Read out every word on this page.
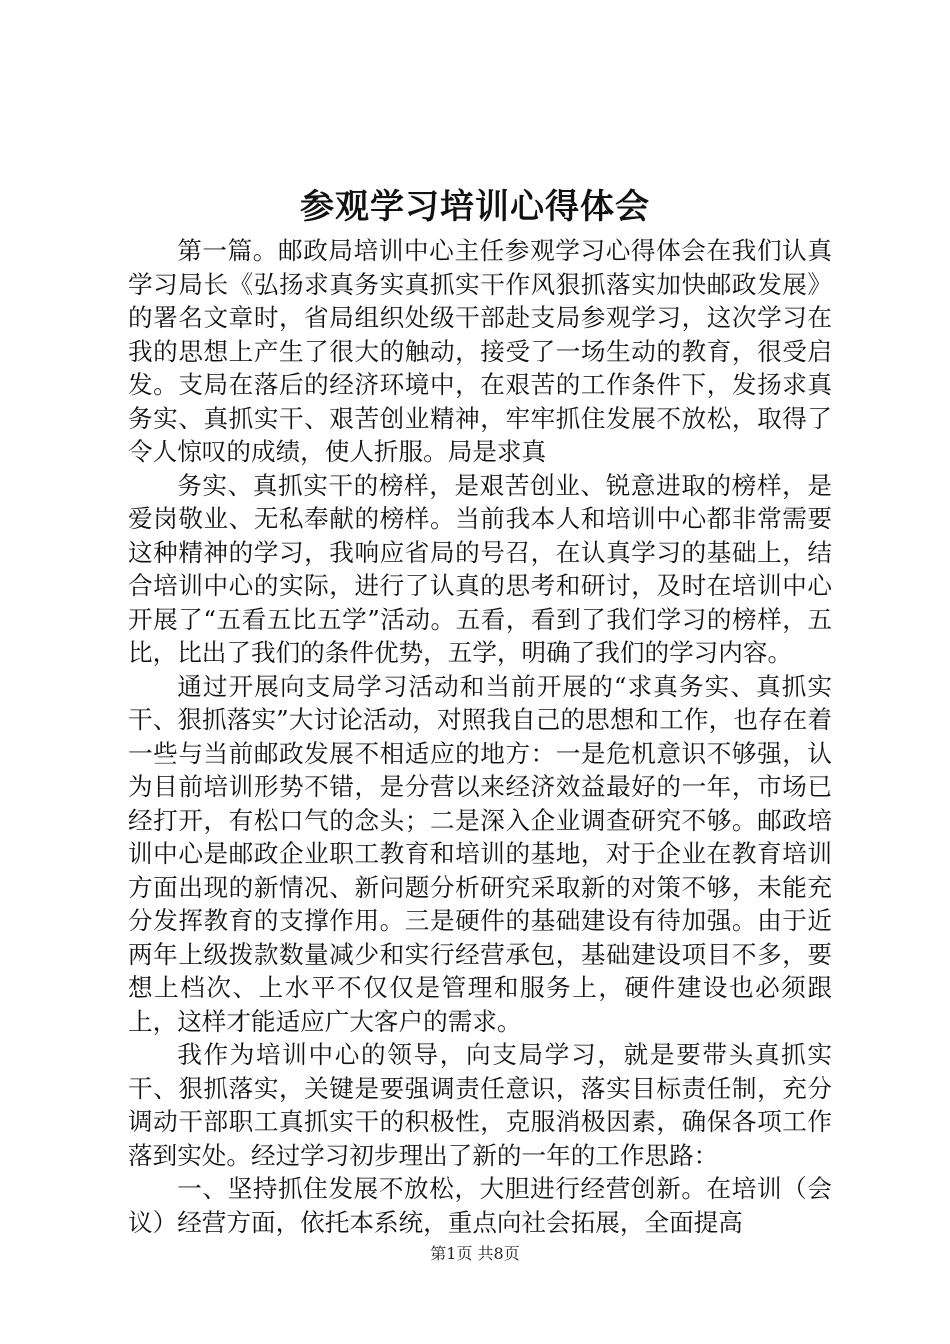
参观学习培训心得体会

第一篇。邮政局培训中心主任参观学习心得体会在我们认真学习局长《弘扬求真务实真抓实干作风狠抓落实加快邮政发展》的署名文章时，省局组织处级干部赴支局参观学习，这次学习在我的思想上产生了很大的触动，接受了一场生动的教育，很受启发。支局在落后的经济环境中，在艰苦的工作条件下，发扬求真务实、真抓实干、艰苦创业精神，牢牢抓住发展不放松，取得了令人惊叹的成绩，使人折服。局是求真

务实、真抓实干的榜样，是艰苦创业、锐意进取的榜样，是爱岗敬业、无私奉献的榜样。当前我本人和培训中心都非常需要这种精神的学习，我响应省局的号召，在认真学习的基础上，结合培训中心的实际，进行了认真的思考和研讨，及时在培训中心开展了“五看五比五学”活动。五看，看到了我们学习的榜样，五比，比出了我们的条件优势，五学，明确了我们的学习内容。

通过开展向支局学习活动和当前开展的“求真务实、真抓实干、狠抓落实”大讨论活动，对照我自己的思想和工作，也存在着一些与当前邮政发展不相适应的地方：一是危机意识不够强，认为目前培训形势不错，是分营以来经济效益最好的一年，市场已经打开，有松口气的念头；二是深入企业调查研究不够。邮政培训中心是邮政企业职工教育和培训的基地，对于企业在教育培训方面出现的新情况、新问题分析研究采取新的对策不够，未能充分发挥教育的支撑作用。三是硬件的基础建设有待加强。由于近两年上级拨款数量减少和实行经营承包，基础建设项目不多，要想上档次、上水平不仅仅是管理和服务上，硬件建设也必须跟上，这样才能适应广大客户的需求。

我作为培训中心的领导，向支局学习，就是要带头真抓实干、狠抓落实，关键是要强调责任意识，落实目标责任制，充分调动干部职工真抓实干的积极性，克服消极因素，确保各项工作落到实处。经过学习初步理出了新的一年的工作思路：

一、坚持抓住发展不放松，大胆进行经营创新。在培训（会议）经营方面，依托本系统，重点向社会拓展，全面提高

第1页 共8页
